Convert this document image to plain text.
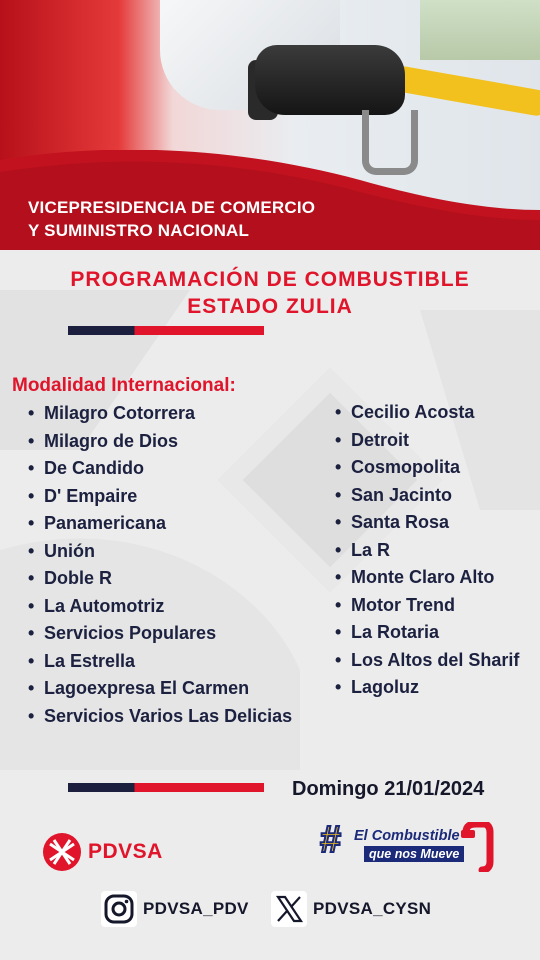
VICEPRESIDENCIA DE COMERCIO
Y SUMINISTRO NACIONAL
PROGRAMACIÓN DE COMBUSTIBLE
ESTADO ZULIA
Modalidad Internacional:
• Milagro Cotorrera
• Milagro de Dios
• De Candido
• D' Empaire
• Panamericana
• Unión
• Doble R
• La Automotriz
• Servicios Populares
• La Estrella
• Lagoexpresa El Carmen
• Servicios Varios Las Delicias
• Cecilio Acosta
• Detroit
• Cosmopolita
• San Jacinto
• Santa Rosa
• La R
• Monte Claro Alto
• Motor Trend
• La Rotaria
• Los Altos del Sharif
• Lagoluz
Domingo 21/01/2024
PDVSA	# El Combustible
que nos Mueve
PDVSA_PDV	PDVSA_CYSN
